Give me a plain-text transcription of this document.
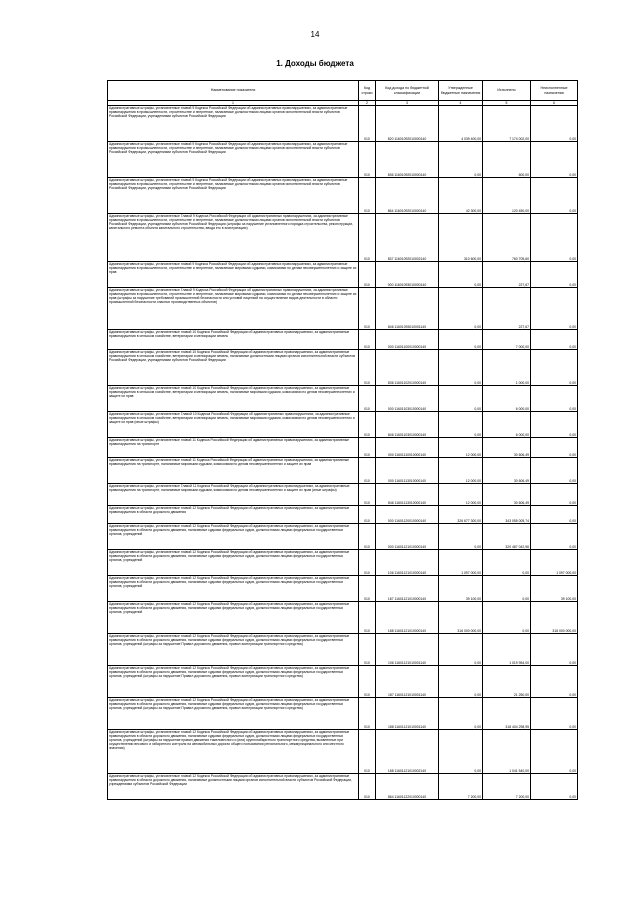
14
1. Доходы бюджета
Наименование показателя	Код строки	Код дохода по бюджетной классификации	Утвержденные бюджетные назначения	Исполнено	Неисполненные назначения
1	2	3	4	5	6
Административные штрафы, установленные главой 9 Кодекса Российской Федерации об административных правонарушениях, за административные правонарушения в промышленности, строительстве и энергетике, налагаемые должностными лицами органов исполнительной власти субъектов Российской Федерации, учреждениями субъектов Российской Федерации	010	820 11601092010000140	4 039 400,00	7 174 002,00	0,00
Административные штрафы, установленные главой 9 Кодекса Российской Федерации об административных правонарушениях, за административные правонарушения в промышленности, строительстве и энергетике, налагаемые должностными лицами органов исполнительной власти субъектов Российской Федерации, учреждениями субъектов Российской Федерации	010	836 11601092010000140	0,00	600,00	0,00
Административные штрафы, установленные главой 9 Кодекса Российской Федерации об административных правонарушениях, за административные правонарушения в промышленности, строительстве и энергетике, налагаемые должностными лицами органов исполнительной власти субъектов Российской Федерации, учреждениями субъектов Российской Федерации	010	864 11601092010000140	42 300,00	120 450,00	0,00
Административные штрафы, установленные Главой 9 Кодекса Российской Федерации об административных правонарушениях, за административные правонарушения в промышленности, строительстве и энергетике, налагаемые должностными лицами органов исполнительной власти субъектов Российской Федерации, учреждениями субъектов Российской Федерации (штрафы за нарушение установленного порядка строительства, реконструкции, капитального ремонта объекта капитального строительства, ввода его в эксплуатацию)	010	837 11601092010002140	310 600,00	760 705,60	0,00
Административные штрафы, установленные главой 9 Кодекса Российской Федерации об административных правонарушениях, за административные правонарушения в промышленности, строительстве и энергетике, налагаемые мировыми судьями, комиссиями по делам несовершеннолетних и защите их прав	010	000 11601093010000140	0,00	227,67	0,00
Административные штрафы, установленные Главой 9 Кодекса Российской Федерации об административных правонарушениях, за административные правонарушения в промышленности, строительстве и энергетике, налагаемые мировыми судьями, комиссиями по делам несовершеннолетних и защите их прав (штрафы за нарушение требований промышленной безопасности или условий лицензий на осуществление видов деятельности в области промышленной безопасности опасных производственных объектов)	010	846 11601093010001140	0,00	227,67	0,00
Административные штрафы, установленные главой 10 Кодекса Российской Федерации об административных правонарушениях, за административные правонарушения в сельском хозяйстве, ветеринарии и мелиорации земель	010	000 11601100010000140	0,00	7 000,00	0,00
Административные штрафы, установленные главой 10 Кодекса Российской Федерации об административных правонарушениях, за административные правонарушения в сельском хозяйстве, ветеринарии и мелиорации земель, налагаемые должностными лицами органов исполнительной власти субъектов Российской Федерации, учреждениями субъектов Российской Федерации	010	836 11601102010000140	0,00	1 000,00	0,00
Административные штрафы, установленные главой 10 Кодекса Российской Федерации об административных правонарушениях, за административные правонарушения в сельском хозяйстве, ветеринарии и мелиорации земель, налагаемые мировыми судьями, комиссиями по делам несовершеннолетних и защите их прав	010	000 11601103010000140	0,00	6 000,00	0,00
Административные штрафы, установленные Главой 10 Кодекса Российской Федерации об административных правонарушениях, за административные правонарушения в сельском хозяйстве, ветеринарии и мелиорации земель, налагаемые мировыми судьями, комиссиями по делам несовершеннолетних и защите их прав (иные штрафы)	010	846 11601103010000140	0,00	6 000,00	0,00
Административные штрафы, установленные главой 11 Кодекса Российской Федерации об административных правонарушениях, за административные правонарушения на транспорте	010	000 11601110010000140	12 000,00	30 606,49	0,00
Административные штрафы, установленные главой 11 Кодекса Российской Федерации об административных правонарушениях, за административные правонарушения на транспорте, налагаемые мировыми судьями, комиссиями по делам несовершеннолетних и защите их прав	010	000 11601113010000140	12 000,00	30 606,49	0,00
Административные штрафы, установленные Главой 11 Кодекса Российской Федерации об административных правонарушениях, за административные правонарушения на транспорте, налагаемые мировыми судьями, комиссиями по делам несовершеннолетних и защите их прав (иные штрафы)	010	846 11601113010000140	12 000,00	30 606,49	0,00
Административные штрафы, установленные главой 12 Кодекса Российской Федерации об административных правонарушениях, за административные правонарушения в области дорожного движения	010	000 11601120010000140	326 677 300,00	343 055 005,74	0,00
Административные штрафы, установленные главой 12 Кодекса Российской Федерации об административных правонарушениях, за административные правонарушения в области дорожного движения, налагаемые судьями федеральных судов, должностными лицами федеральных государственных органов, учреждений	010	000 11601121010000140	0,00	320 487 042,96	0,00
Административные штрафы, установленные главой 12 Кодекса Российской Федерации об административных правонарушениях, за административные правонарушения в области дорожного движения, налагаемые судьями федеральных судов, должностными лицами федеральных государственных органов, учреждений	010	106 11601121010000140	1 097 000,00	0,00	1 097 000,00
Административные штрафы, установленные главой 12 Кодекса Российской Федерации об административных правонарушениях, за административные правонарушения в области дорожного движения, налагаемые судьями федеральных судов, должностными лицами федеральных государственных органов, учреждений	010	187 11601121010000140	39 100,00	0,00	39 100,00
Административные штрафы, установленные главой 12 Кодекса Российской Федерации об административных правонарушениях, за административные правонарушения в области дорожного движения, налагаемые судьями федеральных судов, должностными лицами федеральных государственных органов, учреждений	010	188 11601121010000140	316 000 000,00	0,00	316 000 000,00
Административные штрафы, установленные главой 12 Кодекса Российской Федерации об административных правонарушениях, за административные правонарушения в области дорожного движения, налагаемые судьями федеральных судов, должностными лицами федеральных государственных органов, учреждений (штрафы за нарушение Правил дорожного движения, правил эксплуатации транспортного средства)	010	106 11601121010001140	0,00	1 019 954,00	0,00
Административные штрафы, установленные главой 12 Кодекса Российской Федерации об административных правонарушениях, за административные правонарушения в области дорожного движения, налагаемые судьями федеральных судов, должностными лицами федеральных государственных органов, учреждений (штрафы за нарушение Правил дорожного движения, правил эксплуатации транспортного средства)	010	187 11601121010001140	0,00	21 250,00	0,00
Административные штрафы, установленные главой 12 Кодекса Российской Федерации об административных правонарушениях, за административные правонарушения в области дорожного движения, налагаемые судьями федеральных судов, должностными лицами федеральных государственных органов, учреждений (штрафы за нарушение Правил дорожного движения, правил эксплуатации транспортного средства)	010	188 11601121010001140	0,00	318 404 298,95	0,00
Административные штрафы, установленные главой 12 Кодекса Российской Федерации об административных правонарушениях, за административные правонарушения в области дорожного движения, налагаемые судьями федеральных судов, должностными лицами федеральных государственных органов, учреждений (штрафы за нарушение правил движения тяжеловесного и (или) крупногабаритного транспортного средства, выявленные при осуществлении весового и габаритного контроля на автомобильных дорогах общего пользования регионального, межмуниципального или местного значения)	010	188 11601121010002140	0,00	1 041 540,00	0,00
Административные штрафы, установленные главой 12 Кодекса Российской Федерации об административных правонарушениях, за административные правонарушения в области дорожного движения, налагаемые должностными лицами органов исполнительной власти субъектов Российской Федерации, учреждениями субъектов Российской Федерации	010	864 11601122010000140	7 200,00	7 200,00	0,00
